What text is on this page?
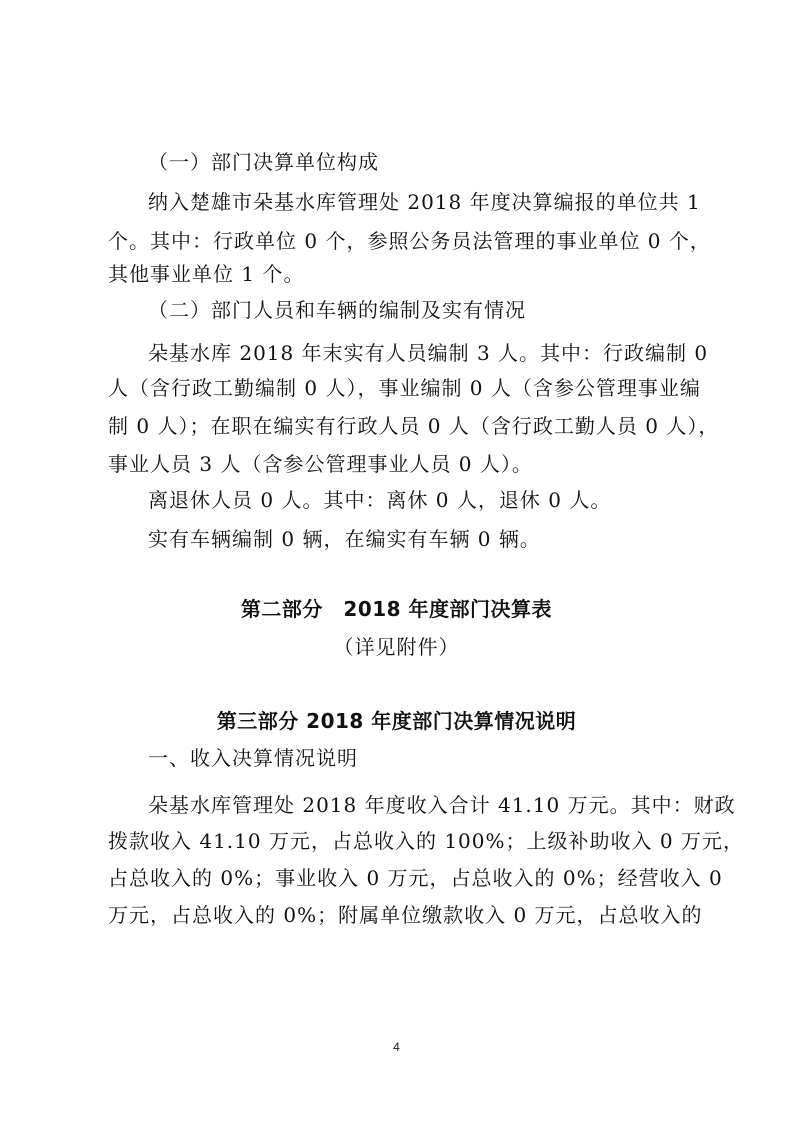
（一）部门决算单位构成
纳入楚雄市朵基水库管理处 2018 年度决算编报的单位共 1
个。其中：行政单位 0 个，参照公务员法管理的事业单位 0 个，
其他事业单位 1 个。
（二）部门人员和车辆的编制及实有情况
朵基水库 2018 年末实有人员编制 3 人。其中：行政编制 0
人（含行政工勤编制 0 人），事业编制 0 人（含参公管理事业编
制 0 人）；在职在编实有行政人员 0 人（含行政工勤人员 0 人），
事业人员 3 人（含参公管理事业人员 0 人）。
离退休人员 0 人。其中：离休 0 人，退休 0 人。
实有车辆编制 0 辆，在编实有车辆 0 辆。
第二部分　2018 年度部门决算表
（详见附件）
第三部分 2018 年度部门决算情况说明
一、收入决算情况说明
朵基水库管理处 2018 年度收入合计 41.10 万元。其中：财政
拨款收入 41.10 万元，占总收入的 100%；上级补助收入 0 万元，
占总收入的 0%；事业收入 0 万元，占总收入的 0%；经营收入 0
万元，占总收入的 0%；附属单位缴款收入 0 万元，占总收入的
4
